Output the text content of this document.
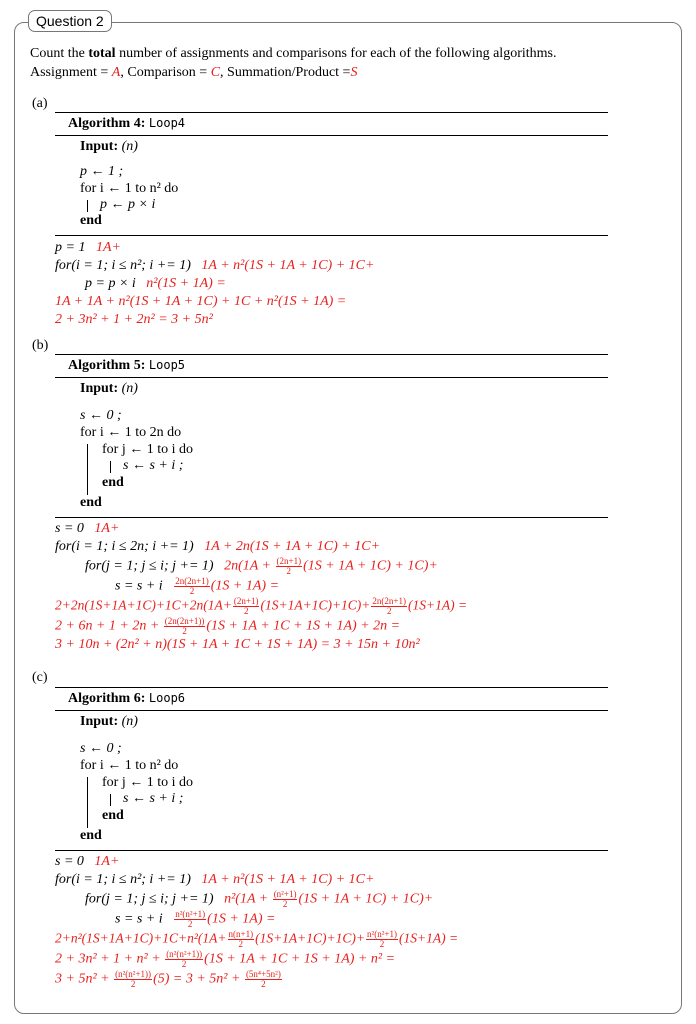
Question 2
Count the total number of assignments and comparisons for each of the following algorithms.
Assignment = A, Comparison = C, Summation/Product =S
(a)
Algorithm 4: Loop4
Input: (n)
p ← 1 ;
for i ← 1 to n² do
p ← p × i
end
p = 1 1A+
for(i = 1; i ≤ n²; i += 1) 1A + n²(1S + 1A + 1C) + 1C+
p = p × i n²(1S + 1A) =
1A + 1A + n²(1S + 1A + 1C) + 1C + n²(1S + 1A) =
2 + 3n² + 1 + 2n² = 3 + 5n²
(b)
Algorithm 5: Loop5
Input: (n)
s ← 0 ;
for i ← 1 to 2n do
for j ← 1 to i do
s ← s + i ;
end
end
s = 0 1A+
for(i = 1; i ≤ 2n; i += 1) 1A + 2n(1S + 1A + 1C) + 1C+
for(j = 1; j ≤ i; j += 1) $2n(1A + \frac{(2n+1)}{2} (1S + 1A + 1C) + 1C)+$
s = s + i $\frac{2n(2n+1)}{2} (1S + 1A)$ =
$2+2n(1S+1A+1C)+1C+2n(1A+ \frac{(2n+1)}{2} (1S+1A+1C)+1C)+ \frac{2n(2n+1)}{2} (1S+1A)$ =
$2 + 6n + 1 + 2n + \frac{(2n(2n+1))}{2} (1S + 1A + 1C + 1S + 1A) + 2n$ =
3 + 10n + (2n² + n)(1S + 1A + 1C + 1S + 1A) = 3 + 15n + 10n²
(c)
Algorithm 6: Loop6
Input: (n)
s ← 0 ;
for i ← 1 to n² do
for j ← 1 to i do
s ← s + i ;
end
end
s = 0 1A+
for(i = 1; i ≤ n²; i += 1) 1A + n²(1S + 1A + 1C) + 1C+
for(j = 1; j ≤ i; j += 1) $n^2(1A + \frac{\text{(n²+1)}}{2} (1S + 1A + 1C) + 1C)+$
s = s + i $\frac{\text{n²(n²+1)}}{2} (1S + 1A)$ =
$2+n^2(1S+1A+1C)+1C+n^2(1A+ \frac{n(n+1)}{2} (1S+1A+1C)+1C)+ \frac{\text{n²(n²+1)}}{2} (1S+1A)$ =
$2 + 3n^2 + 1 + n^2 + \frac{\text{(n²(n²+1))}}{2} (1S + 1A + 1C + 1S + 1A) + n^2$ =
$3 + 5n^2 + \frac{\text{(n²(n²+1))}}{2} (5) = 3 + 5n^2 + \frac{\text{(5n⁴+5n²)}}{2}$
